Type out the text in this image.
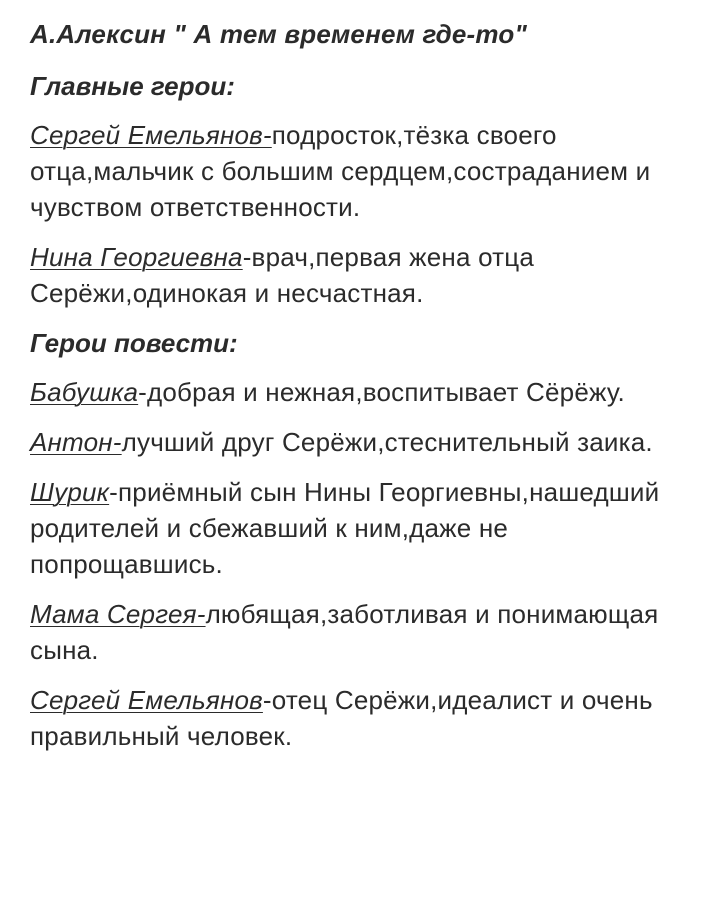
А.Алексин " А тем временем где-то"
Главные герои:
Сергей Емельянов-подросток,тёзка своего отца,мальчик с большим сердцем,состраданием и чувством ответственности.
Нина Георгиевна-врач,первая жена отца Серёжи,одинокая и несчастная.
Герои повести:
Бабушка-добрая и нежная,воспитывает Сёрёжу.
Антон-лучший друг Серёжи,стеснительный заика.
Шурик-приёмный сын Нины Георгиевны,нашедший родителей и сбежавший к ним,даже не попрощавшись.
Мама Сергея-любящая,заботливая и понимающая сына.
Сергей Емельянов-отец Серёжи,идеалист и очень правильный человек.
